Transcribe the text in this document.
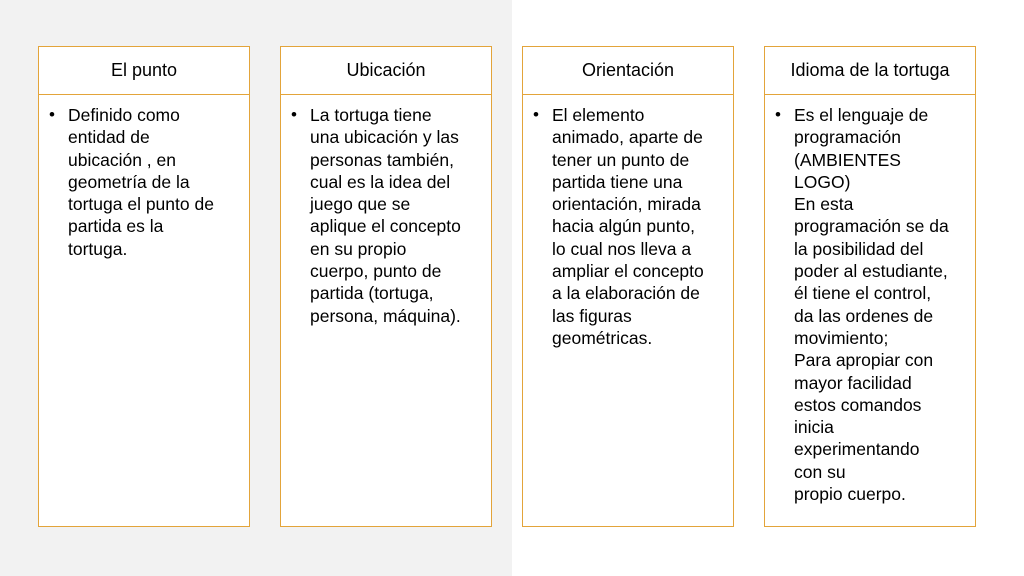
El punto
• Definido como
entidad de
ubicación , en
geometría de la
tortuga el punto de
partida es la
tortuga.
Ubicación
• La tortuga tiene
una ubicación y las
personas también,
cual es la idea del
juego que se
aplique el concepto
en su propio
cuerpo, punto de
partida (tortuga,
persona, máquina).
Orientación
• El elemento
animado, aparte de
tener un punto de
partida tiene una
orientación, mirada
hacia algún punto,
lo cual nos lleva a
ampliar el concepto
a la elaboración de
las figuras
geométricas.
Idioma de la tortuga
• Es el lenguaje de
programación
(AMBIENTES
LOGO)
En esta
programación se da
la posibilidad del
poder al estudiante,
él tiene el control,
da las ordenes de
movimiento;
Para apropiar con
mayor facilidad
estos comandos
inicia
experimentando
con su
propio cuerpo.
